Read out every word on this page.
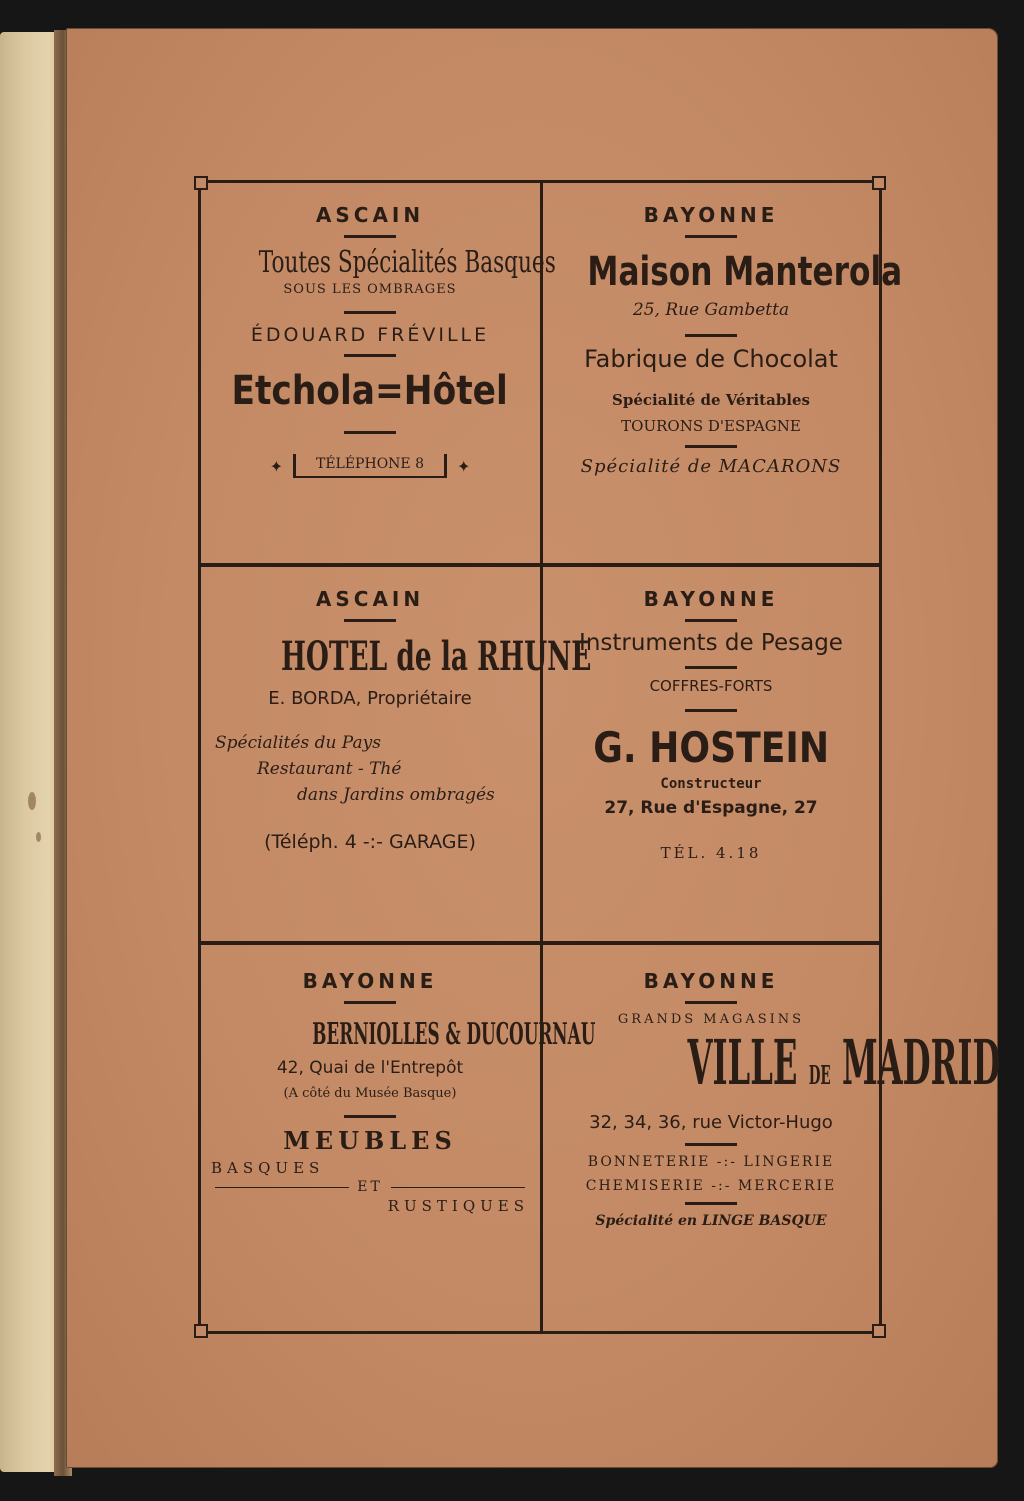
ASCAIN
Toutes Spécialités Basques
SOUS LES OMBRAGES
ÉDOUARD FRÉVILLE
Etchola=Hôtel
✦	TÉLÉPHONE 8	✦
BAYONNE
Maison Manterola
25, Rue Gambetta
Fabrique de Chocolat
Spécialité de Véritables
TOURONS D'ESPAGNE
Spécialité de MACARONS
ASCAIN
HOTEL de la RHUNE
E. BORDA, Propriétaire
Spécialités du Pays
Restaurant - Thé
dans Jardins ombragés
(Téléph. 4 -:- GARAGE)
BAYONNE
Instruments de Pesage
COFFRES-FORTS
G. HOSTEIN
Constructeur
27, Rue d'Espagne, 27
TÉL. 4.18
BAYONNE
BERNIOLLES & DUCOURNAU
42, Quai de l'Entrepôt
(A côté du Musée Basque)
MEUBLES
BASQUES
ET
RUSTIQUES
BAYONNE
GRANDS MAGASINS
VILLE DE MADRID
32, 34, 36, rue Victor-Hugo
BONNETERIE -:- LINGERIE
CHEMISERIE -:- MERCERIE
Spécialité en LINGE BASQUE
